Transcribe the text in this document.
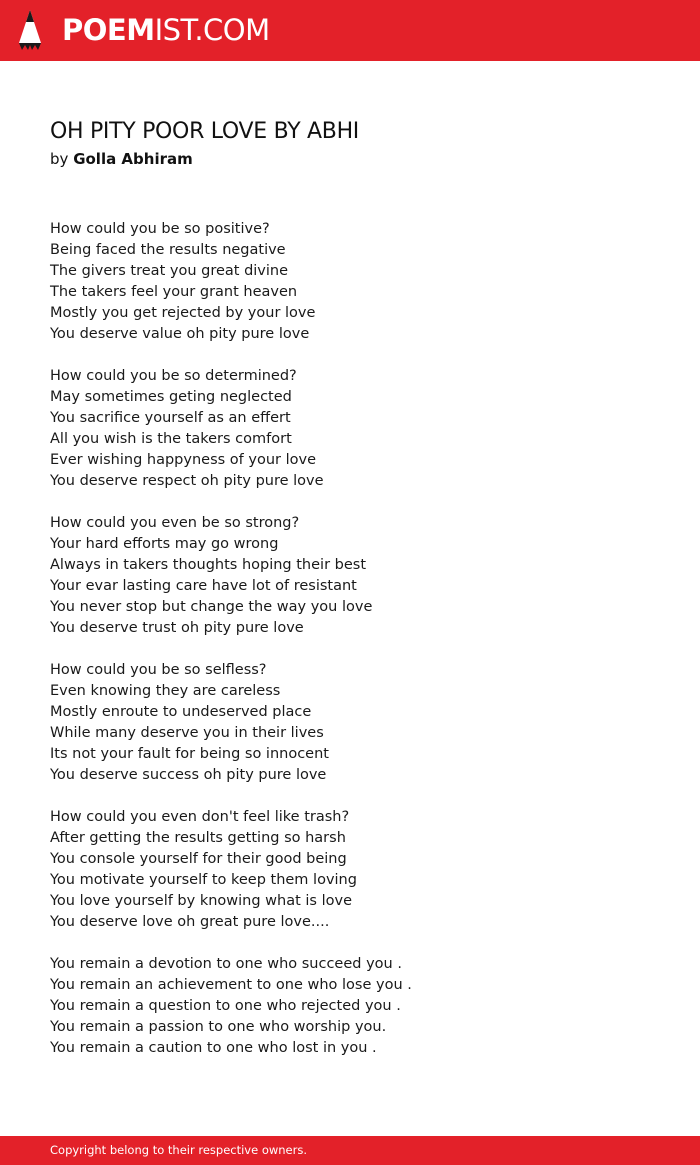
POEMIST.COM
OH PITY POOR LOVE BY ABHI
by Golla Abhiram
How could you be so positive?
Being faced the results negative
The givers treat you great divine
The takers feel your grant heaven
Mostly you get rejected by your love
You deserve value oh pity pure love
How could you be so determined?
May sometimes geting neglected
You sacrifice yourself as an effert
All you wish is the takers comfort
Ever wishing happyness of your love
You deserve respect oh pity pure love
How could you even be so strong?
Your hard efforts may go wrong
Always in takers thoughts hoping their best
Your evar lasting care have lot of resistant
You never stop but change the way you love
You deserve trust oh pity pure love
How could you be so selfless?
Even knowing they are careless
Mostly enroute to undeserved place
While many deserve you in their lives
Its not your fault for being so innocent
You deserve success oh pity pure love
How could you even don't feel like trash?
After getting the results getting so harsh
You console yourself for their good being
You motivate yourself to keep them loving
You love yourself by knowing what is love
You deserve love oh great pure love....
You remain a devotion to one who succeed you .
You remain an achievement to one who lose you .
You remain a question to one who rejected you .
You remain a passion to one who worship you.
You remain a caution to one who lost in you .
Copyright belong to their respective owners.
